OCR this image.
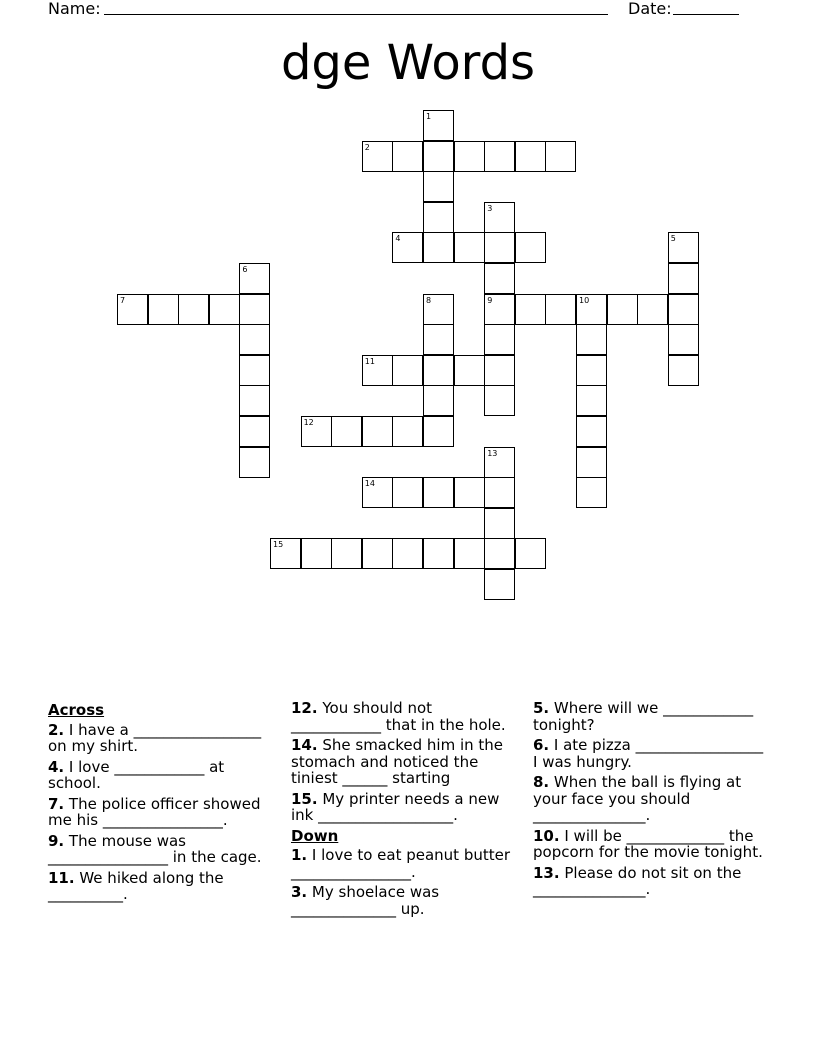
Name:	Date:
dge Words
1
2
3
4	5
6
7	8	9	10
11
12
13
14
15
Across
2. I have a _________________ on my shirt.
4. I love ____________ at school.
7. The police officer showed me his ________________.
9. The mouse was ________________ in the cage.
11. We hiked along the __________.
12. You should not ____________ that in the hole.
14. She smacked him in the stomach and noticed the tiniest ______ starting
15. My printer needs a new ink __________________.
Down
1. I love to eat peanut butter ________________.
3. My shoelace was ______________ up.
5. Where will we ____________ tonight?
6. I ate pizza _________________ I was hungry.
8. When the ball is flying at your face you should _______________.
10. I will be _____________ the popcorn for the movie tonight.
13. Please do not sit on the _______________.
